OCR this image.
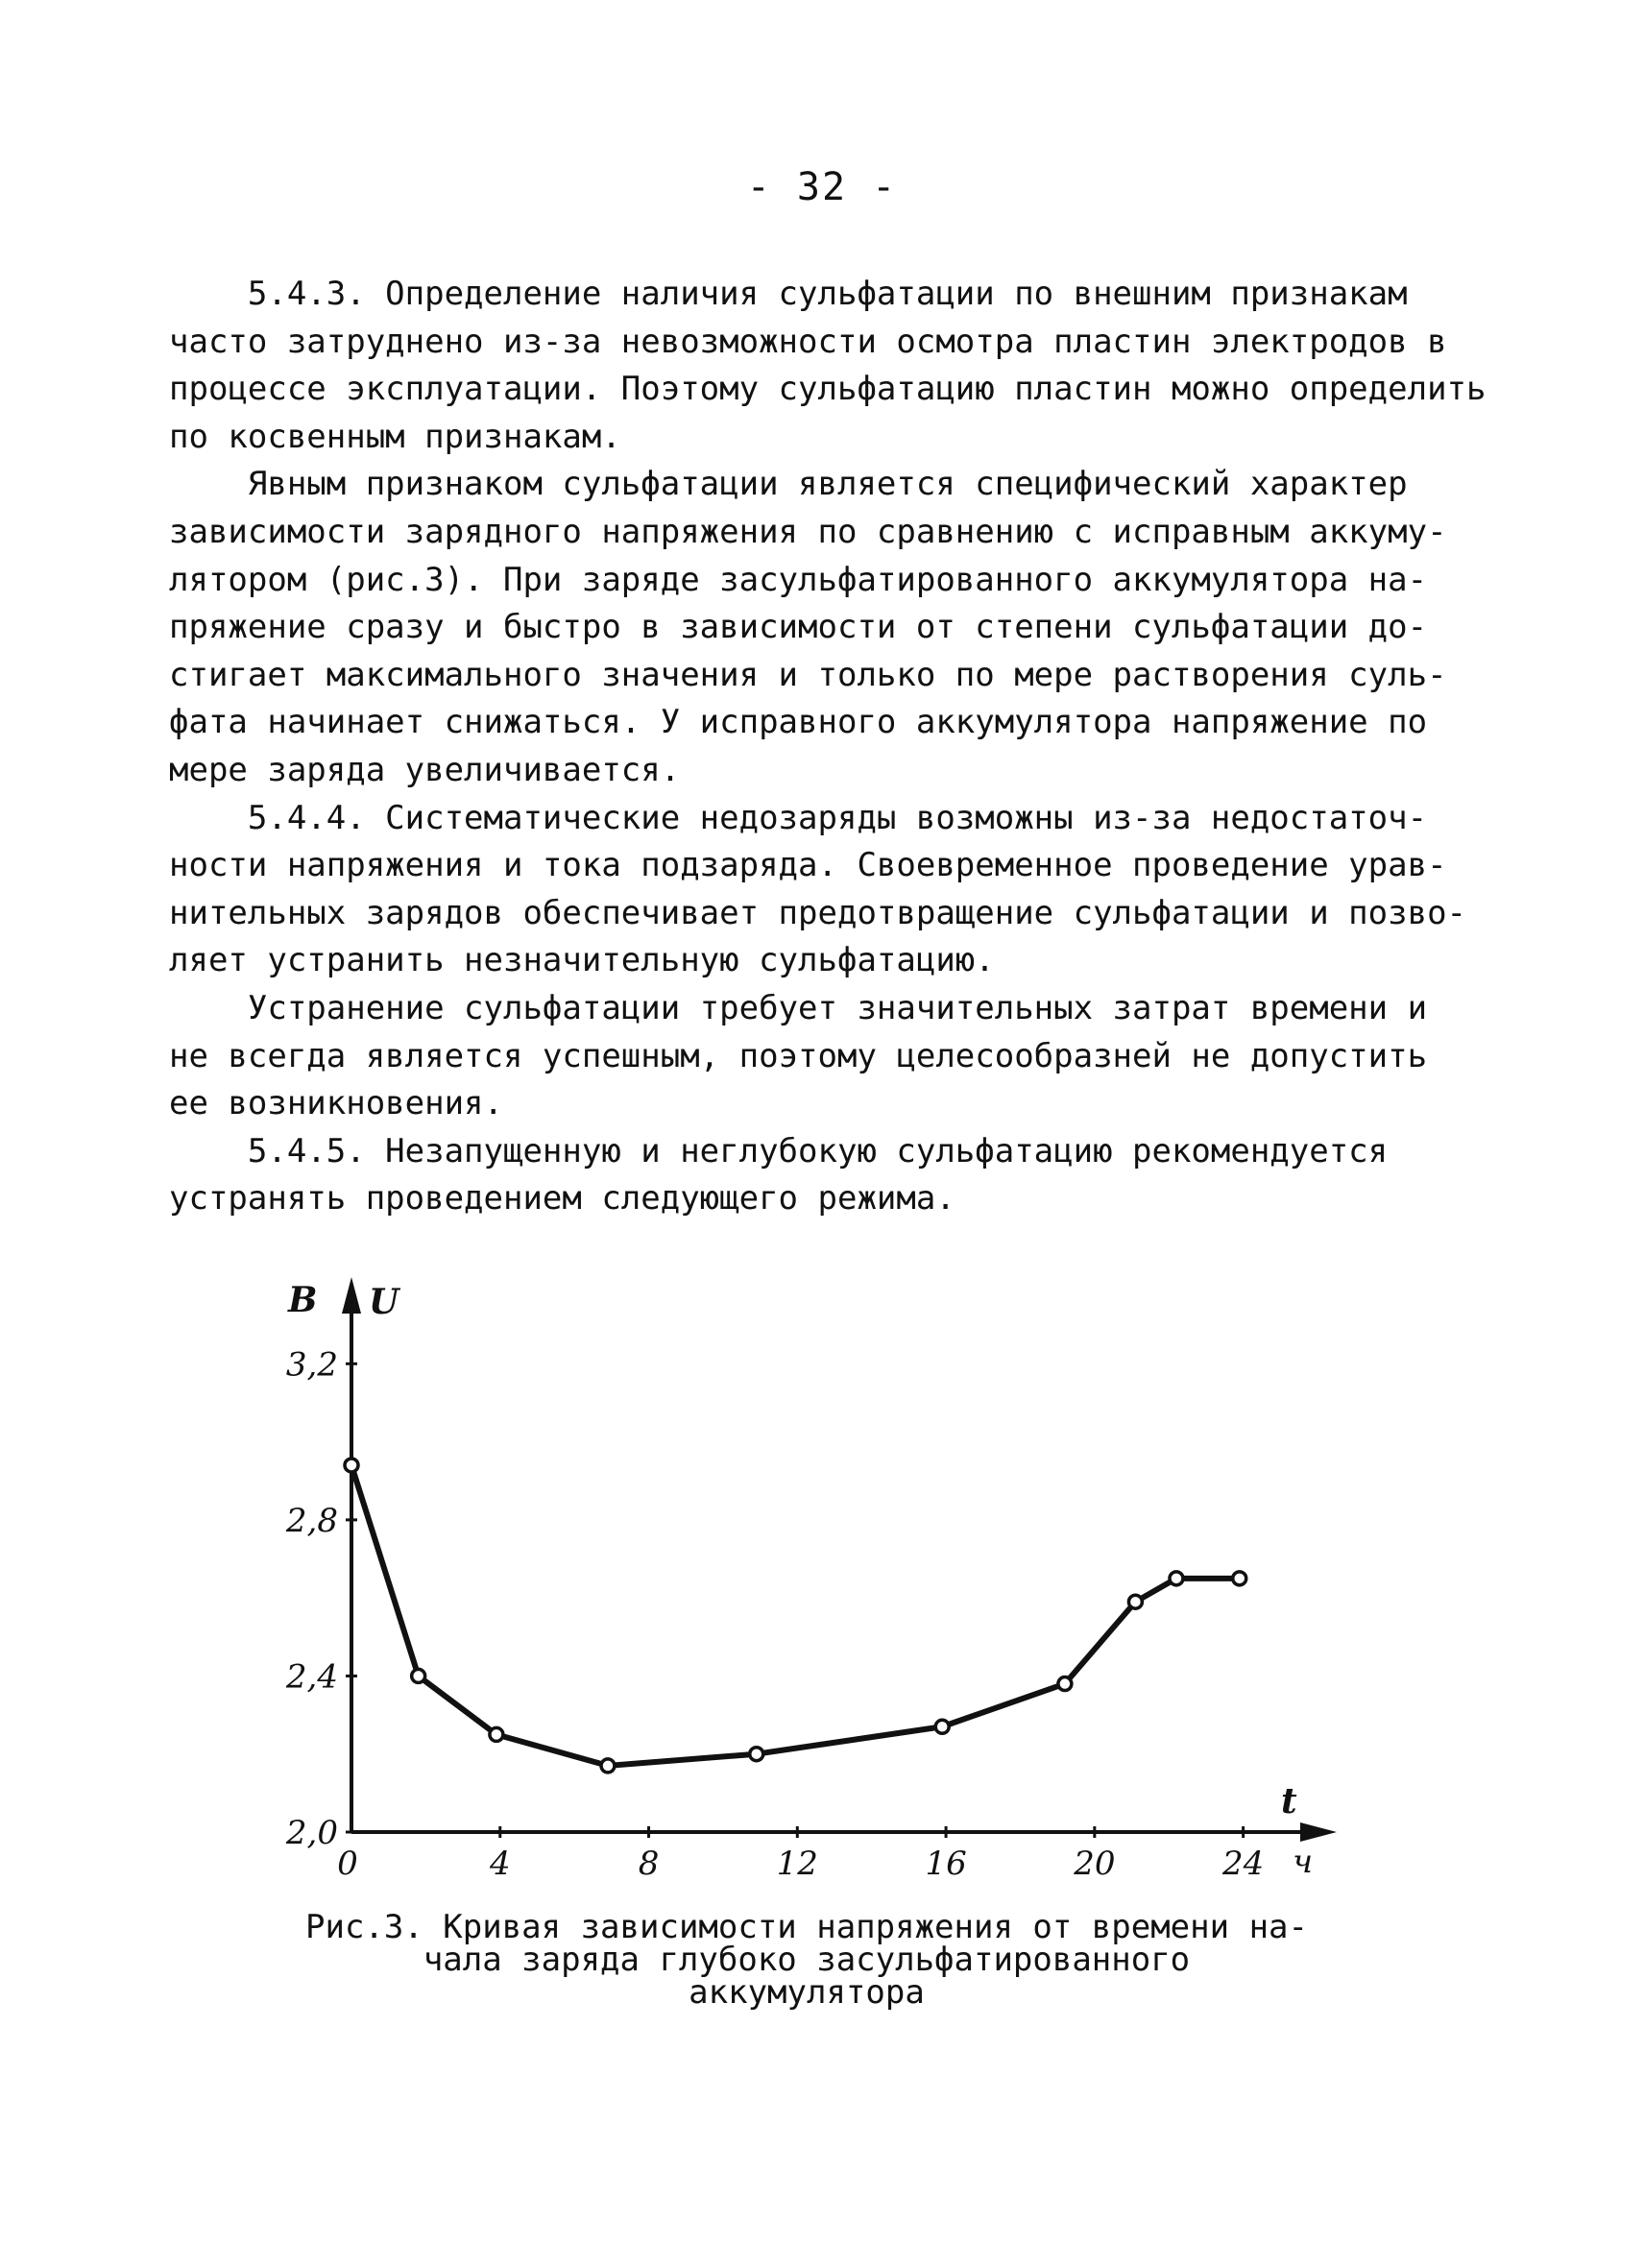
- 32 -
5.4.3. Определение наличия сульфатации по внешним признакам
часто затруднено из-за невозможности осмотра пластин электродов в
процессе эксплуатации. Поэтому сульфатацию пластин можно определить
по косвенным признакам.
Явным признаком сульфатации является специфический характер
зависимости зарядного напряжения по сравнению с исправным аккуму-
лятором (рис.3). При заряде засульфатированного аккумулятора на-
пряжение сразу и быстро в зависимости от степени сульфатации до-
стигает максимального значения и только по мере растворения суль-
фата начинает снижаться. У исправного аккумулятора напряжение по
мере заряда увеличивается.
5.4.4. Систематические недозаряды возможны из-за недостаточ-
ности напряжения и тока подзаряда. Своевременное проведение урав-
нительных зарядов обеспечивает предотвращение сульфатации и позво-
ляет устранить незначительную сульфатацию.
Устранение сульфатации требует значительных затрат времени и
не всегда является успешным, поэтому целесообразней не допустить
ее возникновения.
5.4.5. Незапущенную и неглубокую сульфатацию рекомендуется
устранять проведением следующего режима.
В U
t
ч
2,0
2,4
2,8
3,2
0	4	8	12	16	20	24
Рис.3. Кривая зависимости напряжения от времени на-
чала заряда глубоко засульфатированного
аккумулятора
